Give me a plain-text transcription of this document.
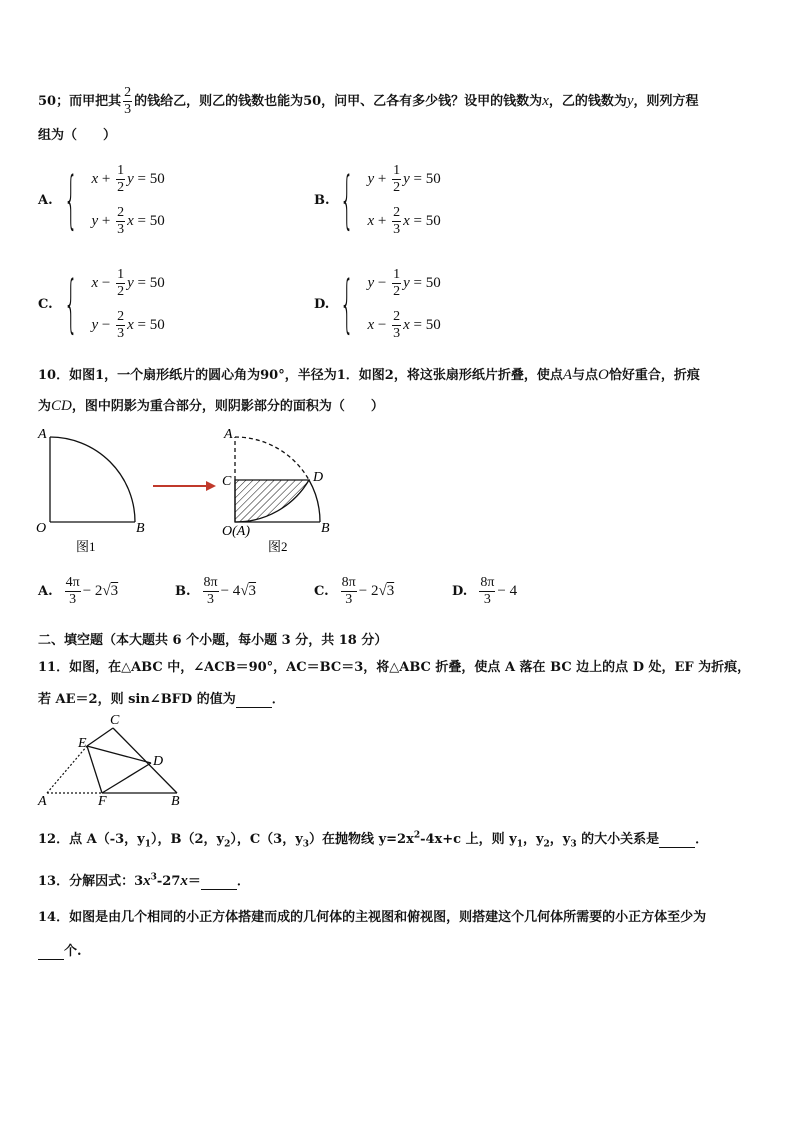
50；而甲把其 $\frac{2}{3}$ 的钱给乙，则乙的钱数也能为50，问甲、乙各有多少钱？设甲的钱数为x，乙的钱数为y，则列方程
组为（　　）
A. { $x + \frac{1}{2}$ y = 50
$y + \frac{2}{3}$ x = 50
B. { $y + \frac{1}{2}$ y = 50
$x + \frac{2}{3}$ x = 50
C. { $x - \frac{1}{2}$ y = 50
$y - \frac{2}{3}$ x = 50
D. { $y - \frac{1}{2}$ y = 50
$x - \frac{2}{3}$ x = 50
10．如图1，一个扇形纸片的圆心角为90°，半径为1．如图2，将这张扇形纸片折叠，使点A与点O恰好重合，折痕
为CD，图中阴影为重合部分，则阴影部分的面积为（　　）
A
O	B
图1
A
C	D
O(A)	B
图2
A. $\frac{4\pi}{3} - 2√3$	B. $\frac{8\pi}{3} - 4√3$	C. $\frac{8\pi}{3} - 2√3$	D. $\frac{8\pi}{3} - 4$
二、填空题（本大题共 6 个小题，每小题 3 分，共 18 分）
11．如图，在△ABC 中，∠ACB＝90°，AC＝BC＝3，将△ABC 折叠，使点 A 落在 BC 边上的点 D 处，EF 为折痕，
若 AE＝2，则 sin∠BFD 的值为	．
C
E
D
A	F	B
12．点 A（-3，$y_1$），B（2，$y_2$），C（3，$y_3$）在抛物线 $y=2x^2-4x+c$ 上，则 $y_1$，$y_2$，$y_3$ 的大小关系是	．
13．分解因式：$3x^3-27x=$	．
14．如图是由几个相同的小正方体搭建而成的几何体的主视图和俯视图，则搭建这个几何体所需要的小正方体至少为
个.
